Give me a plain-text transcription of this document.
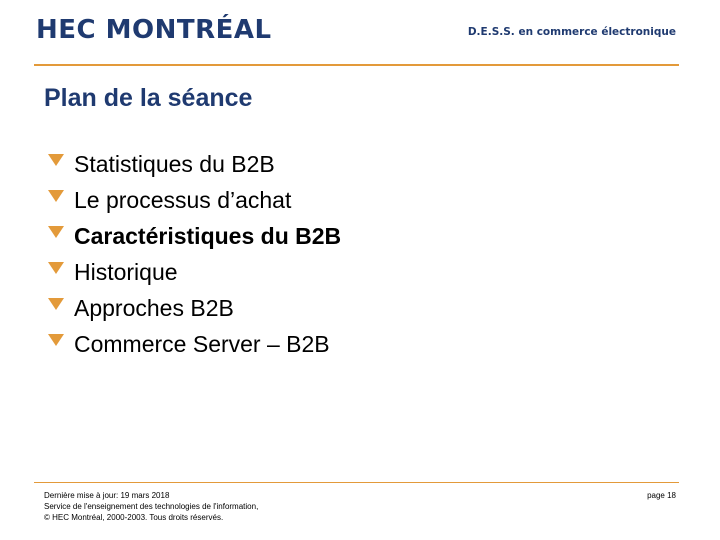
HEC MONTRÉAL	D.E.S.S. en commerce électronique
Plan de la séance
Statistiques du B2B
Le processus d’achat
Caractéristiques du B2B
Historique
Approches B2B
Commerce Server – B2B
Dernière mise à jour: 19 mars 2018
Service de l'enseignement des technologies de l'information,
© HEC Montréal, 2000-2003. Tous droits réservés.
page 18
